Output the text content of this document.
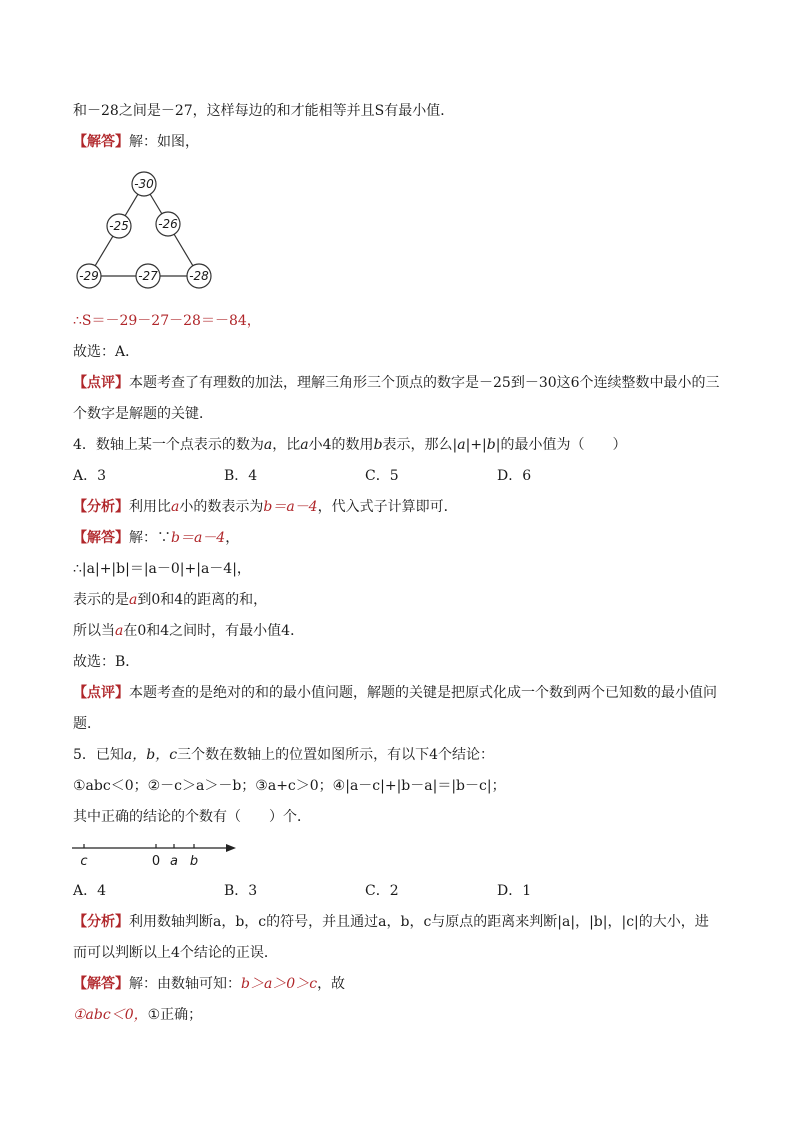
和－28之间是－27，这样每边的和才能相等并且S有最小值．
【解答】解：如图，
-30
-25 -26
-29	-27	-28
∴S＝－29－27－28＝－84，
故选：A．
【点评】本题考查了有理数的加法，理解三角形三个顶点的数字是－25到－30这6个连续整数中最小的三
个数字是解题的关键．
4．数轴上某一个点表示的数为a，比a小4的数用b表示，那么|a|+|b|的最小值为（　　）
A．3	B．4	C．5	D．6
【分析】利用比a小的数表示为b＝a－4，代入式子计算即可．
【解答】解：∵b＝a－4，
∴|a|+|b|＝|a－0|+|a－4|，
表示的是a到0和4的距离的和，
所以当a在0和4之间时，有最小值4．
故选：B．
【点评】本题考查的是绝对的和的最小值问题，解题的关键是把原式化成一个数到两个已知数的最小值问
题．
5．已知a，b，c三个数在数轴上的位置如图所示，有以下4个结论：
①abc＜0；②－c＞a＞－b；③a+c＞0；④|a－c|+|b－a|＝|b－c|；
其中正确的结论的个数有（　　）个．
c	0 a b
A．4	B．3	C．2	D．1
【分析】利用数轴判断a，b，c的符号，并且通过a，b，c与原点的距离来判断|a|，|b|，|c|的大小，进
而可以判断以上4个结论的正误．
【解答】解：由数轴可知：b＞a＞0＞c，故
①abc＜0，①正确；
